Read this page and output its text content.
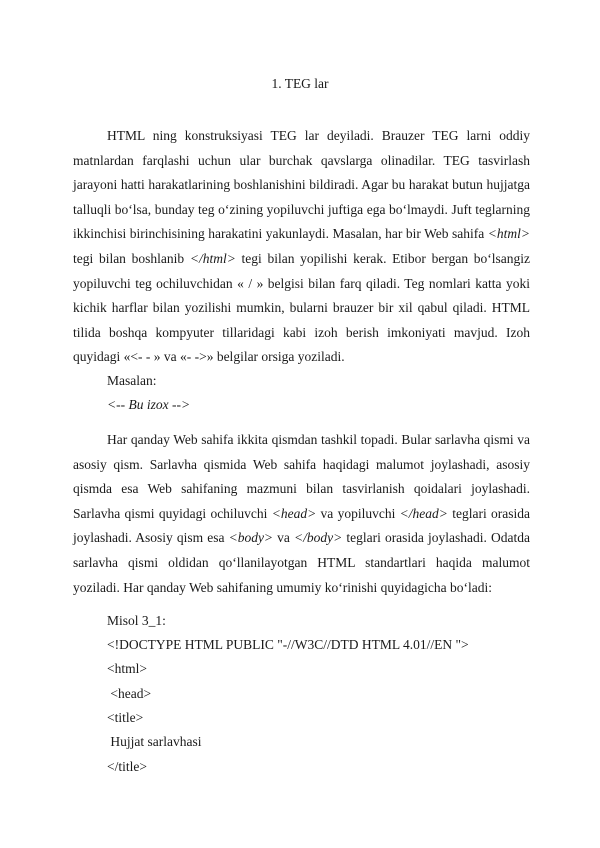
1. TEG lar

HTML ning konstruksiyasi TEG lar deyiladi. Brauzer TEG larni oddiy matnlardan farqlashi uchun ular burchak qavslarga olinadilar. TEG tasvirlash jarayoni hatti harakatlarining boshlanishini bildiradi. Agar bu harakat butun hujjatga talluqli bo‘lsa, bunday teg o‘zining yopiluvchi juftiga ega bo‘lmaydi. Juft teglarning ikkinchisi birinchisining harakatini yakunlaydi. Masalan, har bir Web sahifa <html> tegi bilan boshlanib </html> tegi bilan yopilishi kerak. Etibor bergan bo‘lsangiz yopiluvchi teg ochiluvchidan « / » belgisi bilan farq qiladi. Teg nomlari katta yoki kichik harflar bilan yozilishi mumkin, bularni brauzer bir xil qabul qiladi. HTML tilida boshqa kompyuter tillaridagi kabi izoh berish imkoniyati mavjud. Izoh quyidagi «<- - » va «- ->» belgilar orsiga yoziladi.

Masalan:
<-- Bu izox -->

Har qanday Web sahifa ikkita qismdan tashkil topadi. Bular sarlavha qismi va asosiy qism. Sarlavha qismida Web sahifa haqidagi malumot joylashadi, asosiy qismda esa Web sahifaning mazmuni bilan tasvirlanish qoidalari joylashadi. Sarlavha qismi quyidagi ochiluvchi <head> va yopiluvchi </head> teglari orasida joylashadi. Asosiy qism esa <body> va </body> teglari orasida joylashadi. Odatda sarlavha qismi oldidan qo‘llanilayotgan HTML standartlari haqida malumot yoziladi. Har qanday Web sahifaning umumiy ko‘rinishi quyidagicha bo‘ladi:

Misol 3_1:
<!DOCTYPE HTML PUBLIC "-//W3C//DTD HTML 4.01//EN ">
<html>
<head>
<title>
Hujjat sarlavhasi
</title>
